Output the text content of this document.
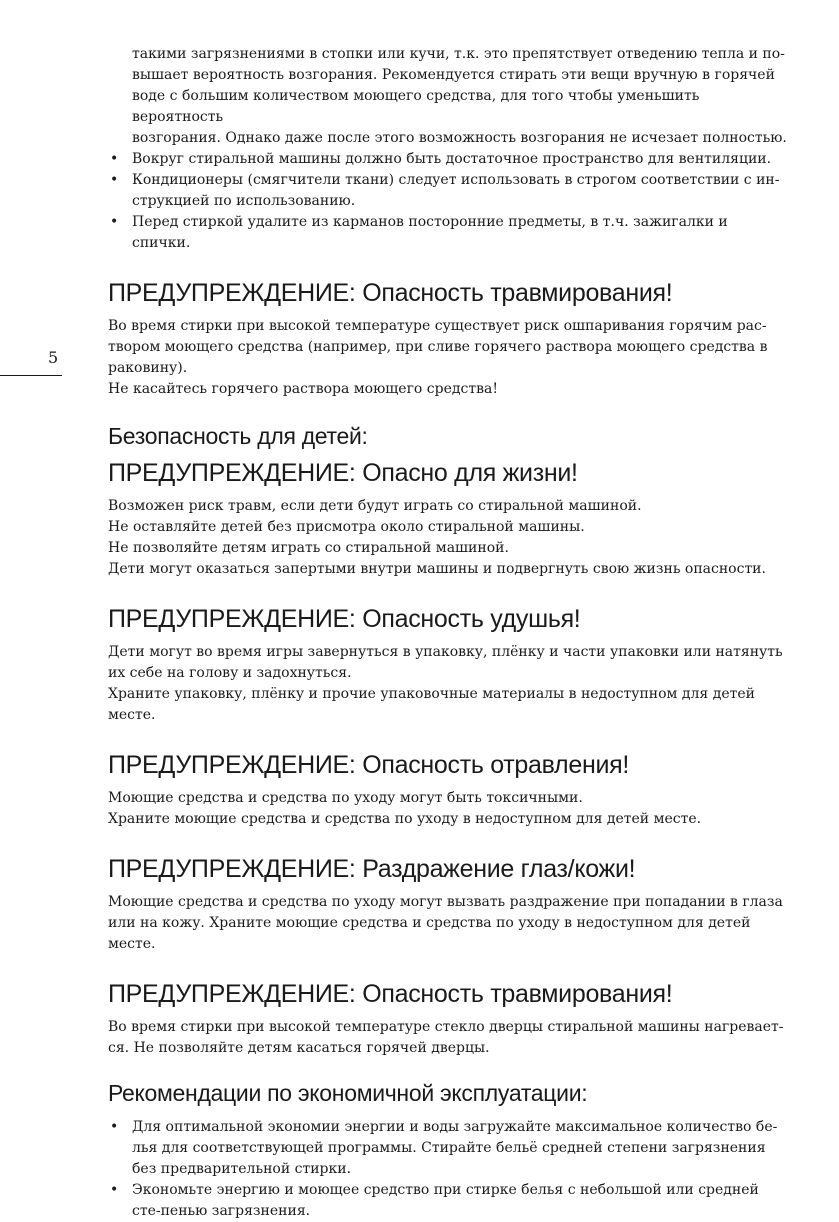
5

такими загрязнениями в стопки или кучи, т.к. это препятствует отведению тепла и по-

вышает вероятность возгорания. Рекомендуется стирать эти вещи вручную в горячей

воде с большим количеством моющего средства, для того чтобы уменьшить вероятность

возгорания. Однако даже после этого возможность возгорания не исчезает полностью.

• Вокруг стиральной машины должно быть достаточное пространство для вентиляции.
• Кондиционеры (смягчители ткани) следует использовать в строгом соответствии с ин-струкцией по использованию.
• Перед стиркой удалите из карманов посторонние предметы, в т.ч. зажигалки и спички.
ПРЕДУПРЕЖДЕНИЕ: Опасность травмирования!

Во время стирки при высокой температуре существует риск ошпаривания горячим рас-твором моющего средства (например, при сливе горячего раствора моющего средства в раковину).

Не касайтесь горячего раствора моющего средства!

Безопасность для детей:
ПРЕДУПРЕЖДЕНИЕ: Опасно для жизни!

Возможен риск травм, если дети будут играть со стиральной машиной.

Не оставляйте детей без присмотра около стиральной машины.

Не позволяйте детям играть со стиральной машиной.

Дети могут оказаться запертыми внутри машины и подвергнуть свою жизнь опасности.

ПРЕДУПРЕЖДЕНИЕ: Опасность удушья!

Дети могут во время игры завернуться в упаковку, плёнку и части упаковки или натянуть их себе на голову и задохнуться.

Храните упаковку, плёнку и прочие упаковочные материалы в недоступном для детей месте.

ПРЕДУПРЕЖДЕНИЕ: Опасность отравления!

Моющие средства и средства по уходу могут быть токсичными.

Храните моющие средства и средства по уходу в недоступном для детей месте.

ПРЕДУПРЕЖДЕНИЕ: Раздражение глаз/кожи!

Моющие средства и средства по уходу могут вызвать раздражение при попадании в глаза или на кожу. Храните моющие средства и средства по уходу в недоступном для детей месте.

ПРЕДУПРЕЖДЕНИЕ: Опасность травмирования!

Во время стирки при высокой температуре стекло дверцы стиральной машины нагревает-ся. Не позволяйте детям касаться горячей дверцы.

Рекомендации по экономичной эксплуатации:
• Для оптимальной экономии энергии и воды загружайте максимальное количество бе-лья для соответствующей программы. Стирайте бельё средней степени загрязнения без предварительной стирки.
• Экономьте энергию и моющее средство при стирке белья с небольшой или средней сте-пенью загрязнения.
